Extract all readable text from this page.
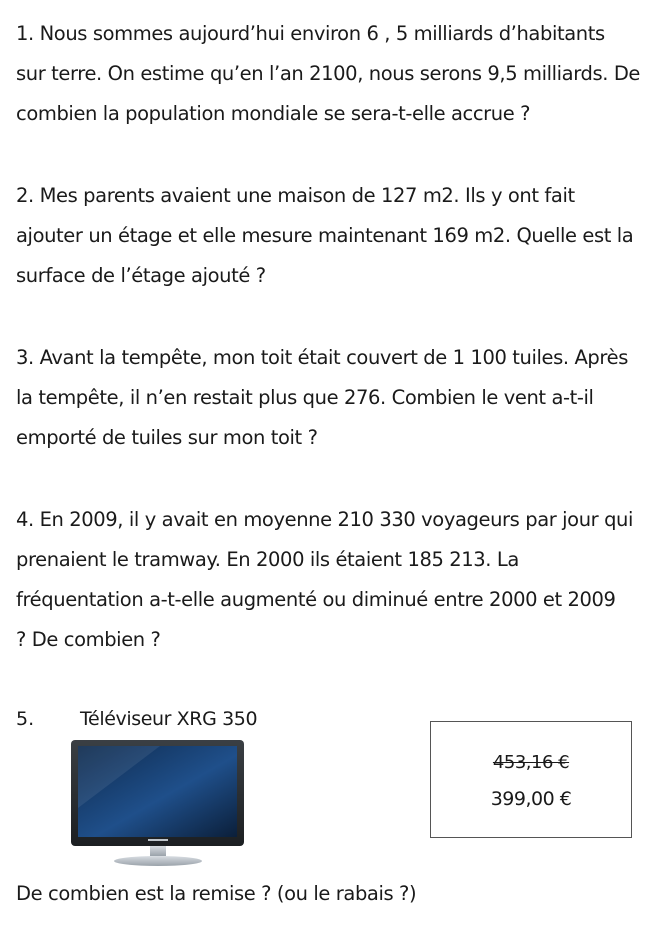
1. Nous sommes aujourd’hui environ 6 , 5 milliards d’habitants
sur terre. On estime qu’en l’an 2100, nous serons 9,5 milliards. De
combien la population mondiale se sera-t-elle accrue ?
2. Mes parents avaient une maison de 127 m2. Ils y ont fait
ajouter un étage et elle mesure maintenant 169 m2. Quelle est la
surface de l’étage ajouté ?
3. Avant la tempête, mon toit était couvert de 1 100 tuiles. Après
la tempête, il n’en restait plus que 276. Combien le vent a-t-il
emporté de tuiles sur mon toit ?
4. En 2009, il y avait en moyenne 210 330 voyageurs par jour qui
prenaient le tramway. En 2000 ils étaient 185 213. La
fréquentation a-t-elle augmenté ou diminué entre 2000 et 2009
? De combien ?
5. Téléviseur XRG 350
453,16 €
399,00 €
De combien est la remise ? (ou le rabais ?)
